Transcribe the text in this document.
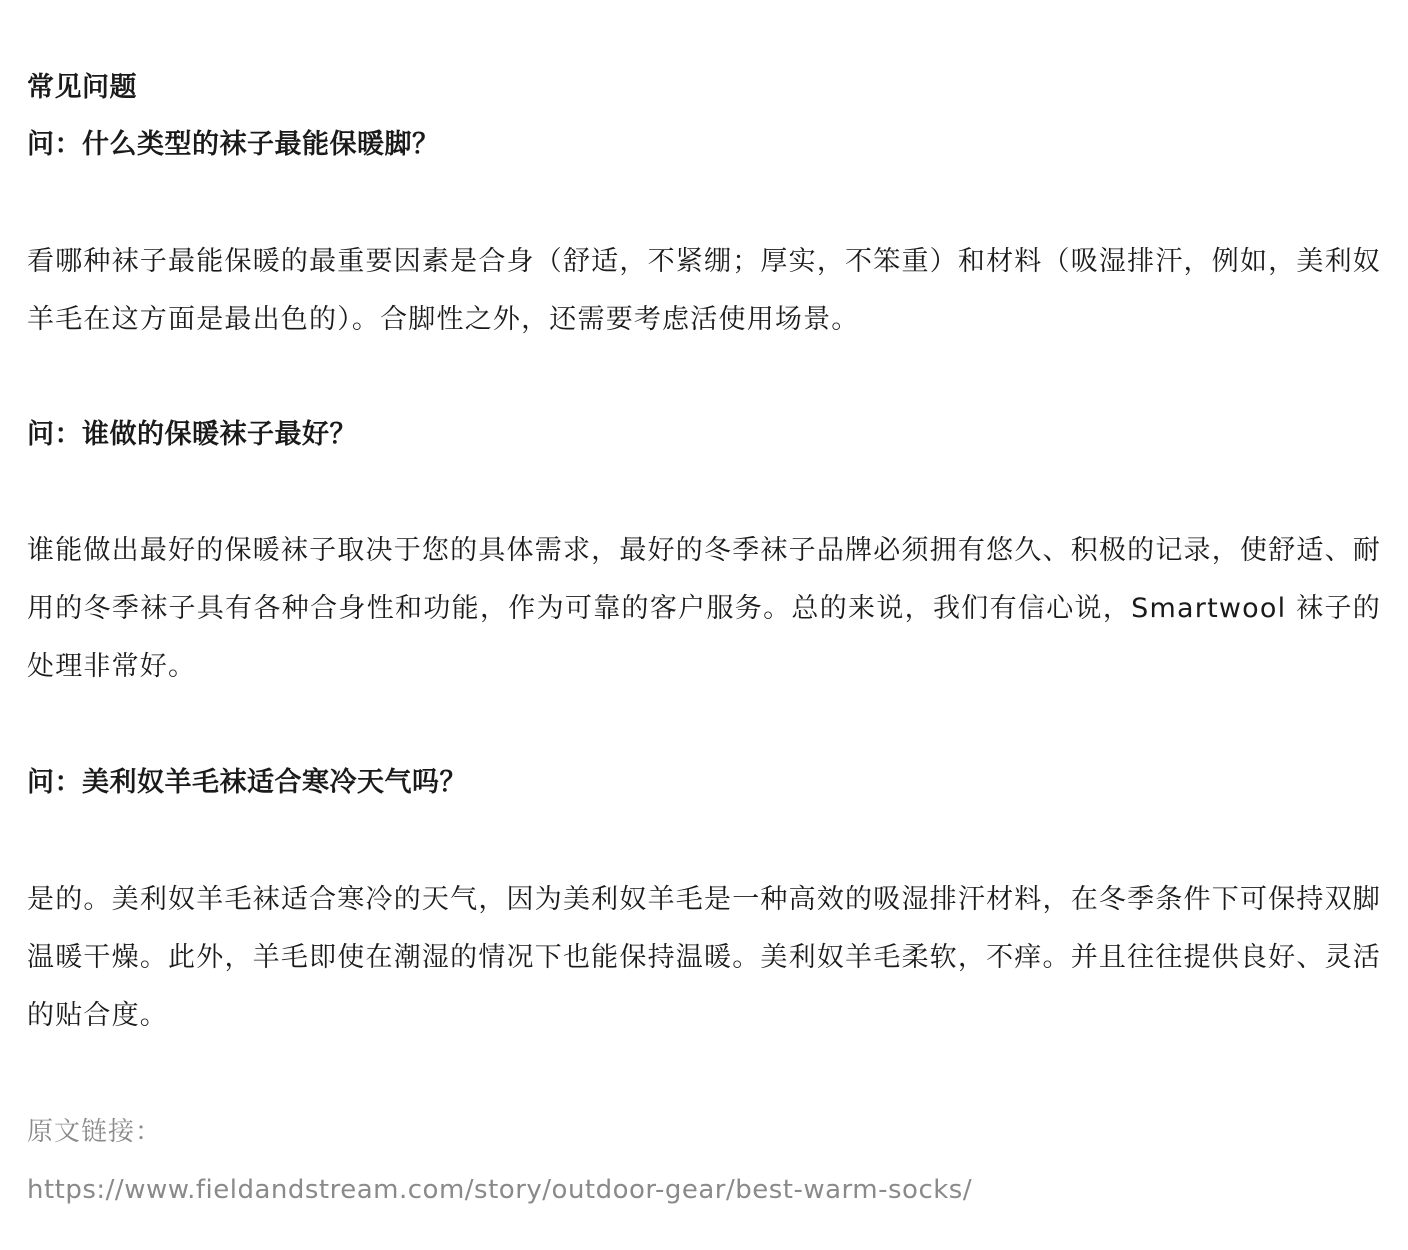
常见问题
问：什么类型的袜子最能保暖脚？
看哪种袜子最能保暖的最重要因素是合身（舒适，不紧绷；厚实，不笨重）和材料（吸湿排汗，例如，美利奴羊毛在这方面是最出色的）。合脚性之外，还需要考虑活使用场景。
问：谁做的保暖袜子最好？
谁能做出最好的保暖袜子取决于您的具体需求，最好的冬季袜子品牌必须拥有悠久、积极的记录，使舒适、耐用的冬季袜子具有各种合身性和功能，作为可靠的客户服务。总的来说，我们有信心说，Smartwool 袜子的处理非常好。
问：美利奴羊毛袜适合寒冷天气吗？
是的。美利奴羊毛袜适合寒冷的天气，因为美利奴羊毛是一种高效的吸湿排汗材料，在冬季条件下可保持双脚温暖干燥。此外，羊毛即使在潮湿的情况下也能保持温暖。美利奴羊毛柔软，不痒。并且往往提供良好、灵活的贴合度。
原文链接：
https://www.fieldandstream.com/story/outdoor-gear/best-warm-socks/
